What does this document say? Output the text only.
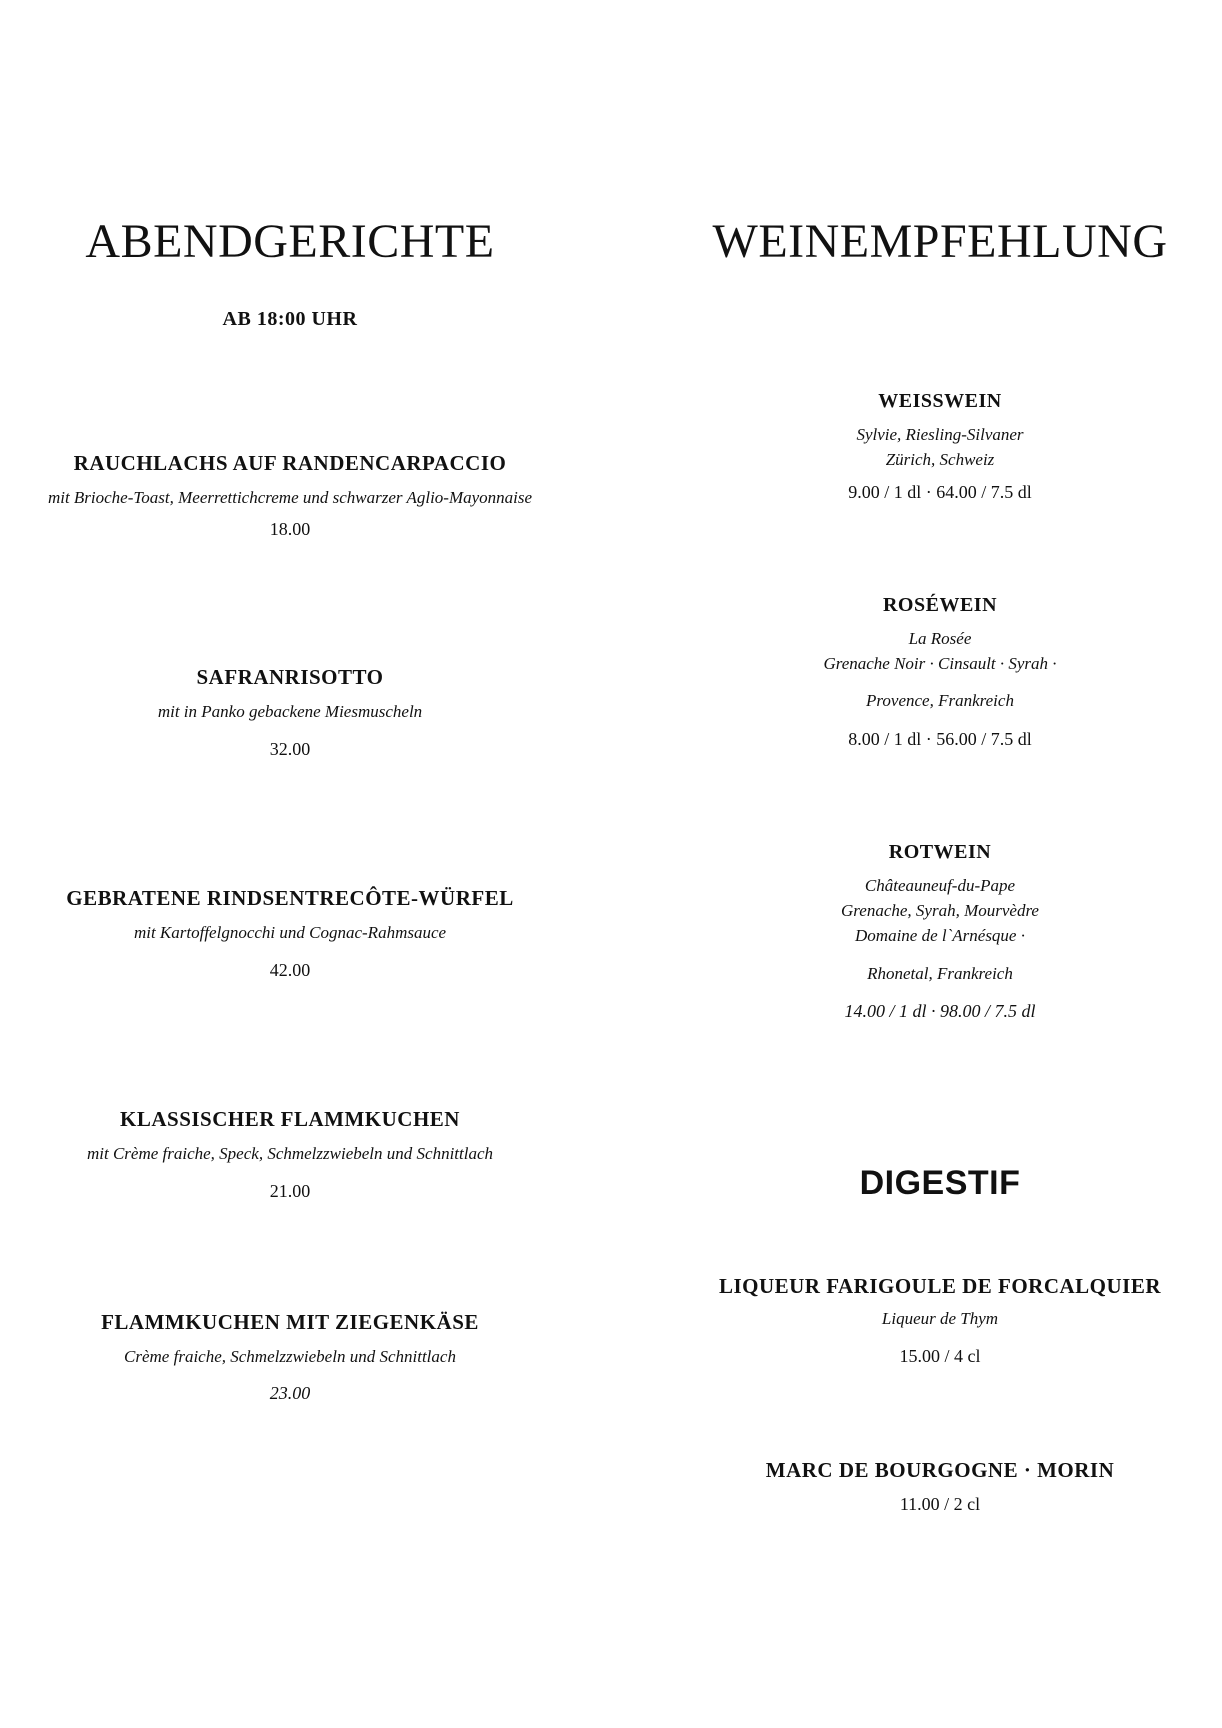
ABENDGERICHTE
AB 18:00 UHR
RAUCHLACHS AUF RANDENCARPACCIO
mit Brioche-Toast, Meerrettichcreme und schwarzer Aglio-Mayonnaise
18.00
SAFRANRISOTTO
mit in Panko gebackene Miesmuscheln
32.00
GEBRATENE RINDSENTRECÔTE-WÜRFEL
mit Kartoffelgnocchi und Cognac-Rahmsauce
42.00
KLASSISCHER FLAMMKUCHEN
mit Crème fraiche, Speck, Schmelzzwiebeln und Schnittlach
21.00
FLAMMKUCHEN MIT ZIEGENKÄSE
Crème fraiche, Schmelzzwiebeln und Schnittlach
23.00
WEINEMPFEHLUNG
WEISSWEIN
Sylvie, Riesling-Silvaner
Zürich, Schweiz
9.00 / 1 dl · 64.00 / 7.5 dl
ROSÉWEIN
La Rosée
Grenache Noir · Cinsault · Syrah ·
Provence, Frankreich
8.00 / 1 dl · 56.00 / 7.5 dl
ROTWEIN
Châteauneuf-du-Pape
Grenache, Syrah, Mourvèdre
Domaine de l`Arnésque ·
Rhonetal, Frankreich
14.00 / 1 dl · 98.00 / 7.5 dl
DIGESTIF
LIQUEUR FARIGOULE DE FORCALQUIER
Liqueur de Thym
15.00 / 4 cl
MARC DE BOURGOGNE · MORIN
11.00 / 2 cl
